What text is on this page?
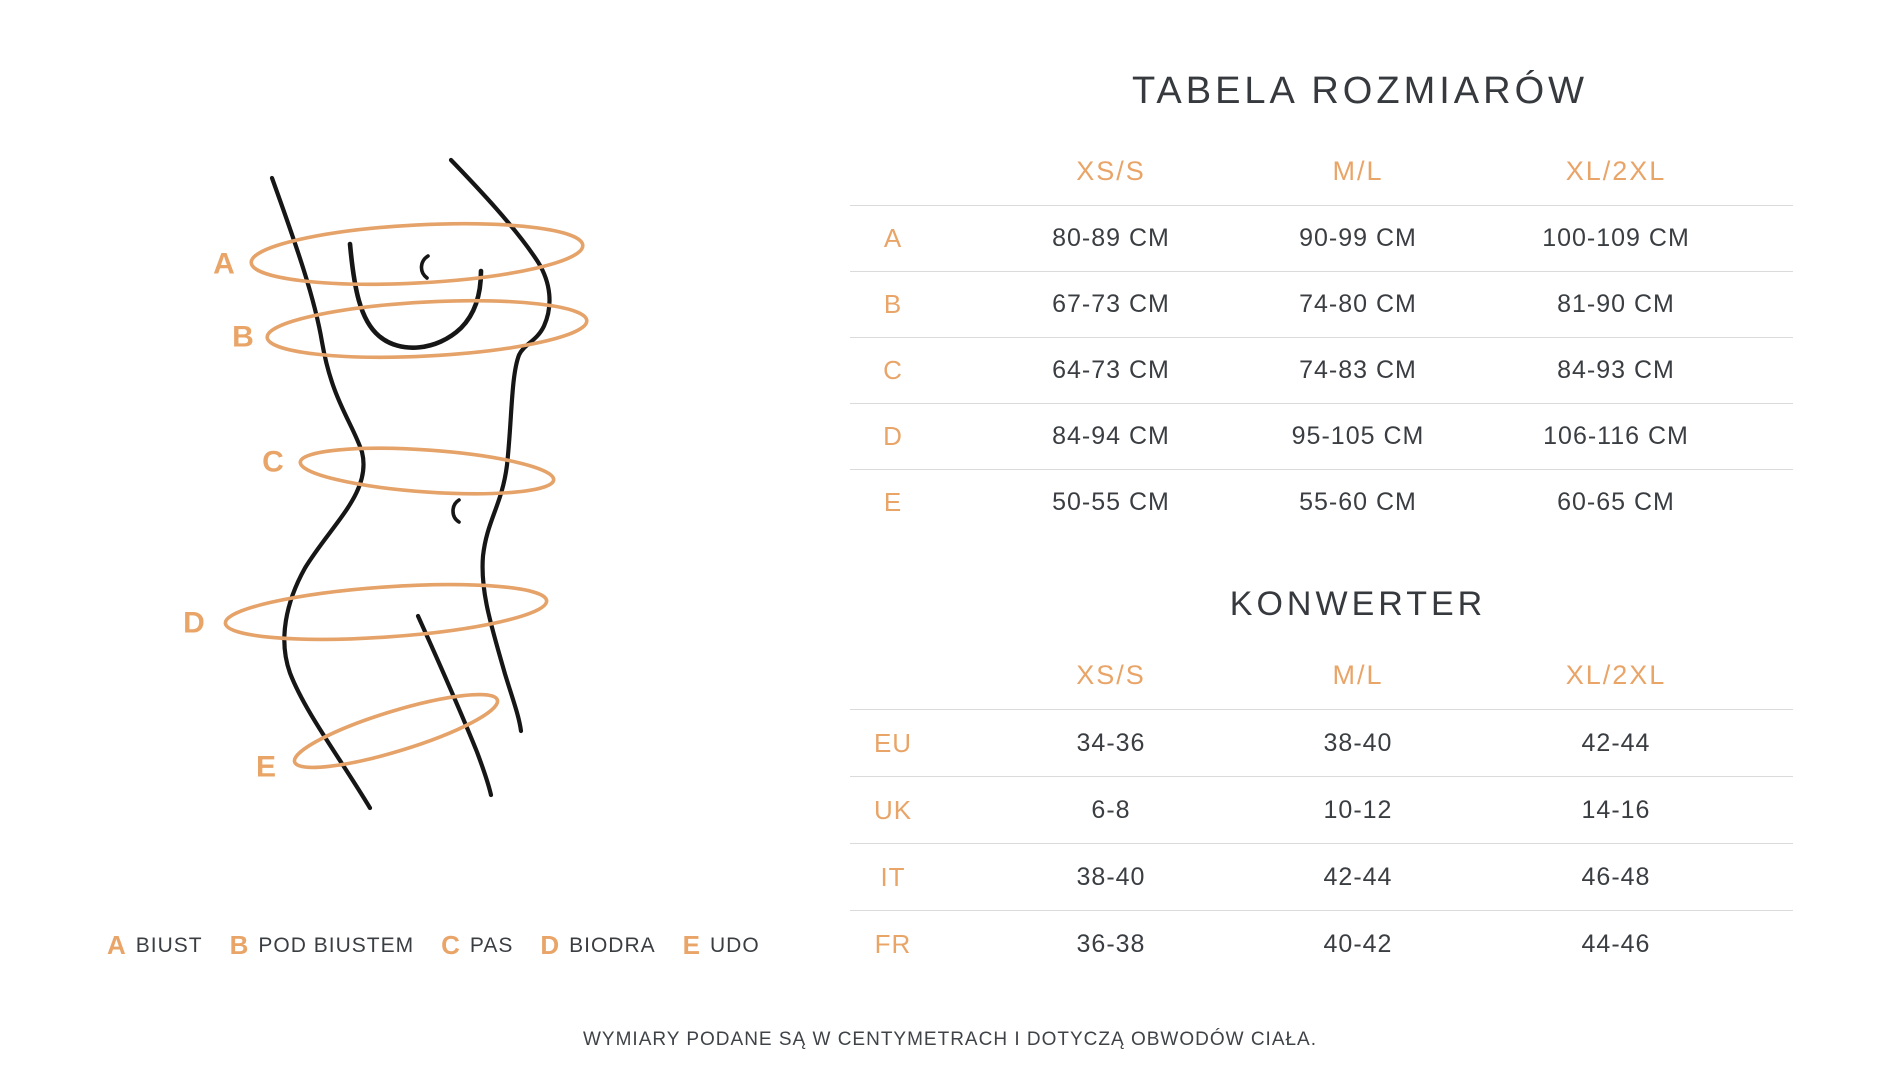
A
B
C
D
E
TABELA ROZMIARÓW
XS/S	M/L	XL/2XL
A	80-89 CM	90-99 CM	100-109 CM
B	67-73 CM	74-80 CM	81-90 CM
C	64-73 CM	74-83 CM	84-93 CM
D	84-94 CM	95-105 CM	106-116 CM
E	50-55 CM	55-60 CM	60-65 CM
KONWERTER
XS/S	M/L	XL/2XL
EU	34-36	38-40	42-44
UK	6-8	10-12	14-16
IT	38-40	42-44	46-48
FR	36-38	40-42	44-46
A BIUST B POD BIUSTEM C PAS D BIODRA E UDO
WYMIARY PODANE SĄ W CENTYMETRACH I DOTYCZĄ OBWODÓW CIAŁA.
